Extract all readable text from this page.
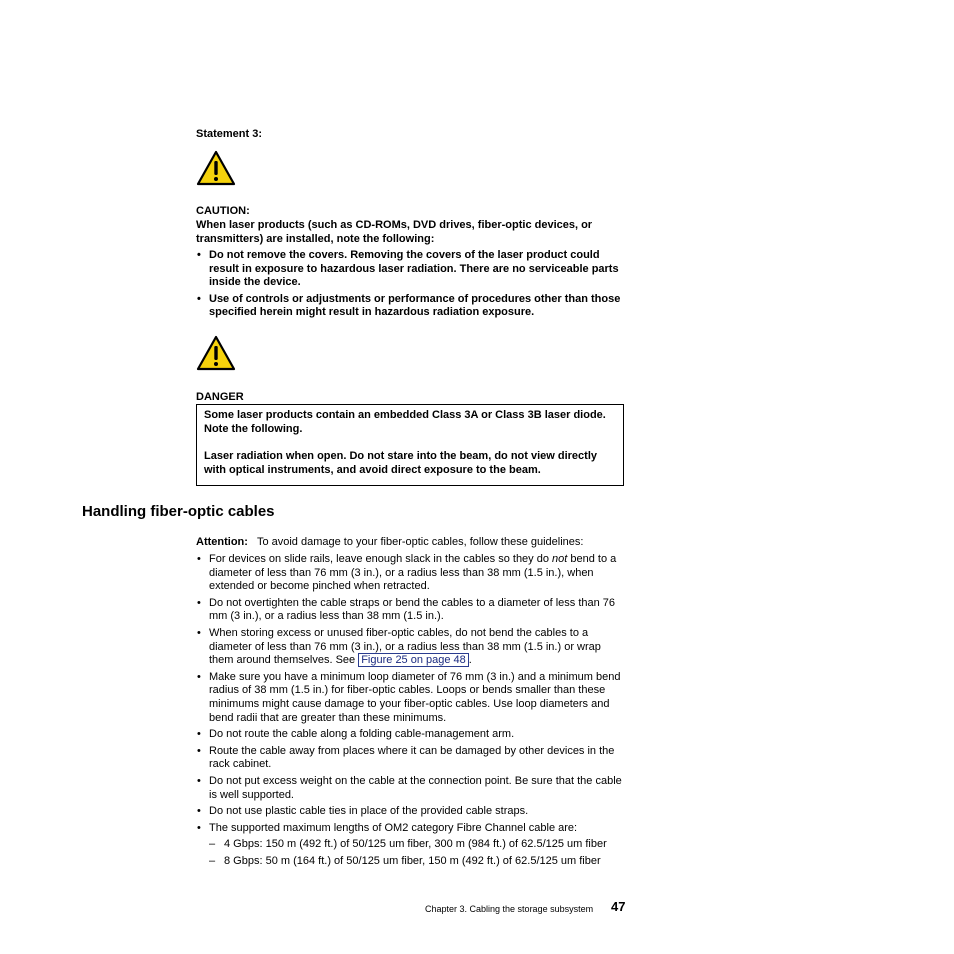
Statement 3:
CAUTION:
When laser products (such as CD-ROMs, DVD drives, fiber-optic devices, or transmitters) are installed, note the following:
• Do not remove the covers. Removing the covers of the laser product could result in exposure to hazardous laser radiation. There are no serviceable parts inside the device.
• Use of controls or adjustments or performance of procedures other than those specified herein might result in hazardous radiation exposure.
DANGER

Some laser products contain an embedded Class 3A or Class 3B laser diode. Note the following.

Laser radiation when open. Do not stare into the beam, do not view directly with optical instruments, and avoid direct exposure to the beam.

Handling fiber-optic cables
Attention: To avoid damage to your fiber-optic cables, follow these guidelines:
• For devices on slide rails, leave enough slack in the cables so they do not bend to a diameter of less than 76 mm (3 in.), or a radius less than 38 mm (1.5 in.), when extended or become pinched when retracted.
• Do not overtighten the cable straps or bend the cables to a diameter of less than 76 mm (3 in.), or a radius less than 38 mm (1.5 in.).
• When storing excess or unused fiber-optic cables, do not bend the cables to a diameter of less than 76 mm (3 in.), or a radius less than 38 mm (1.5 in.) or wrap them around themselves. See Figure 25 on page 48 .
• Make sure you have a minimum loop diameter of 76 mm (3 in.) and a minimum bend radius of 38 mm (1.5 in.) for fiber-optic cables. Loops or bends smaller than these minimums might cause damage to your fiber-optic cables. Use loop diameters and bend radii that are greater than these minimums.
• Do not route the cable along a folding cable-management arm.
• Route the cable away from places where it can be damaged by other devices in the rack cabinet.
• Do not put excess weight on the cable at the connection point. Be sure that the cable is well supported.
• Do not use plastic cable ties in place of the provided cable straps.
• The supported maximum lengths of OM2 category Fibre Channel cable are:
– 4 Gbps: 150 m (492 ft.) of 50/125 um fiber, 300 m (984 ft.) of 62.5/125 um fiber
– 8 Gbps: 50 m (164 ft.) of 50/125 um fiber, 150 m (492 ft.) of 62.5/125 um fiber
Chapter 3. Cabling the storage subsystem 47
